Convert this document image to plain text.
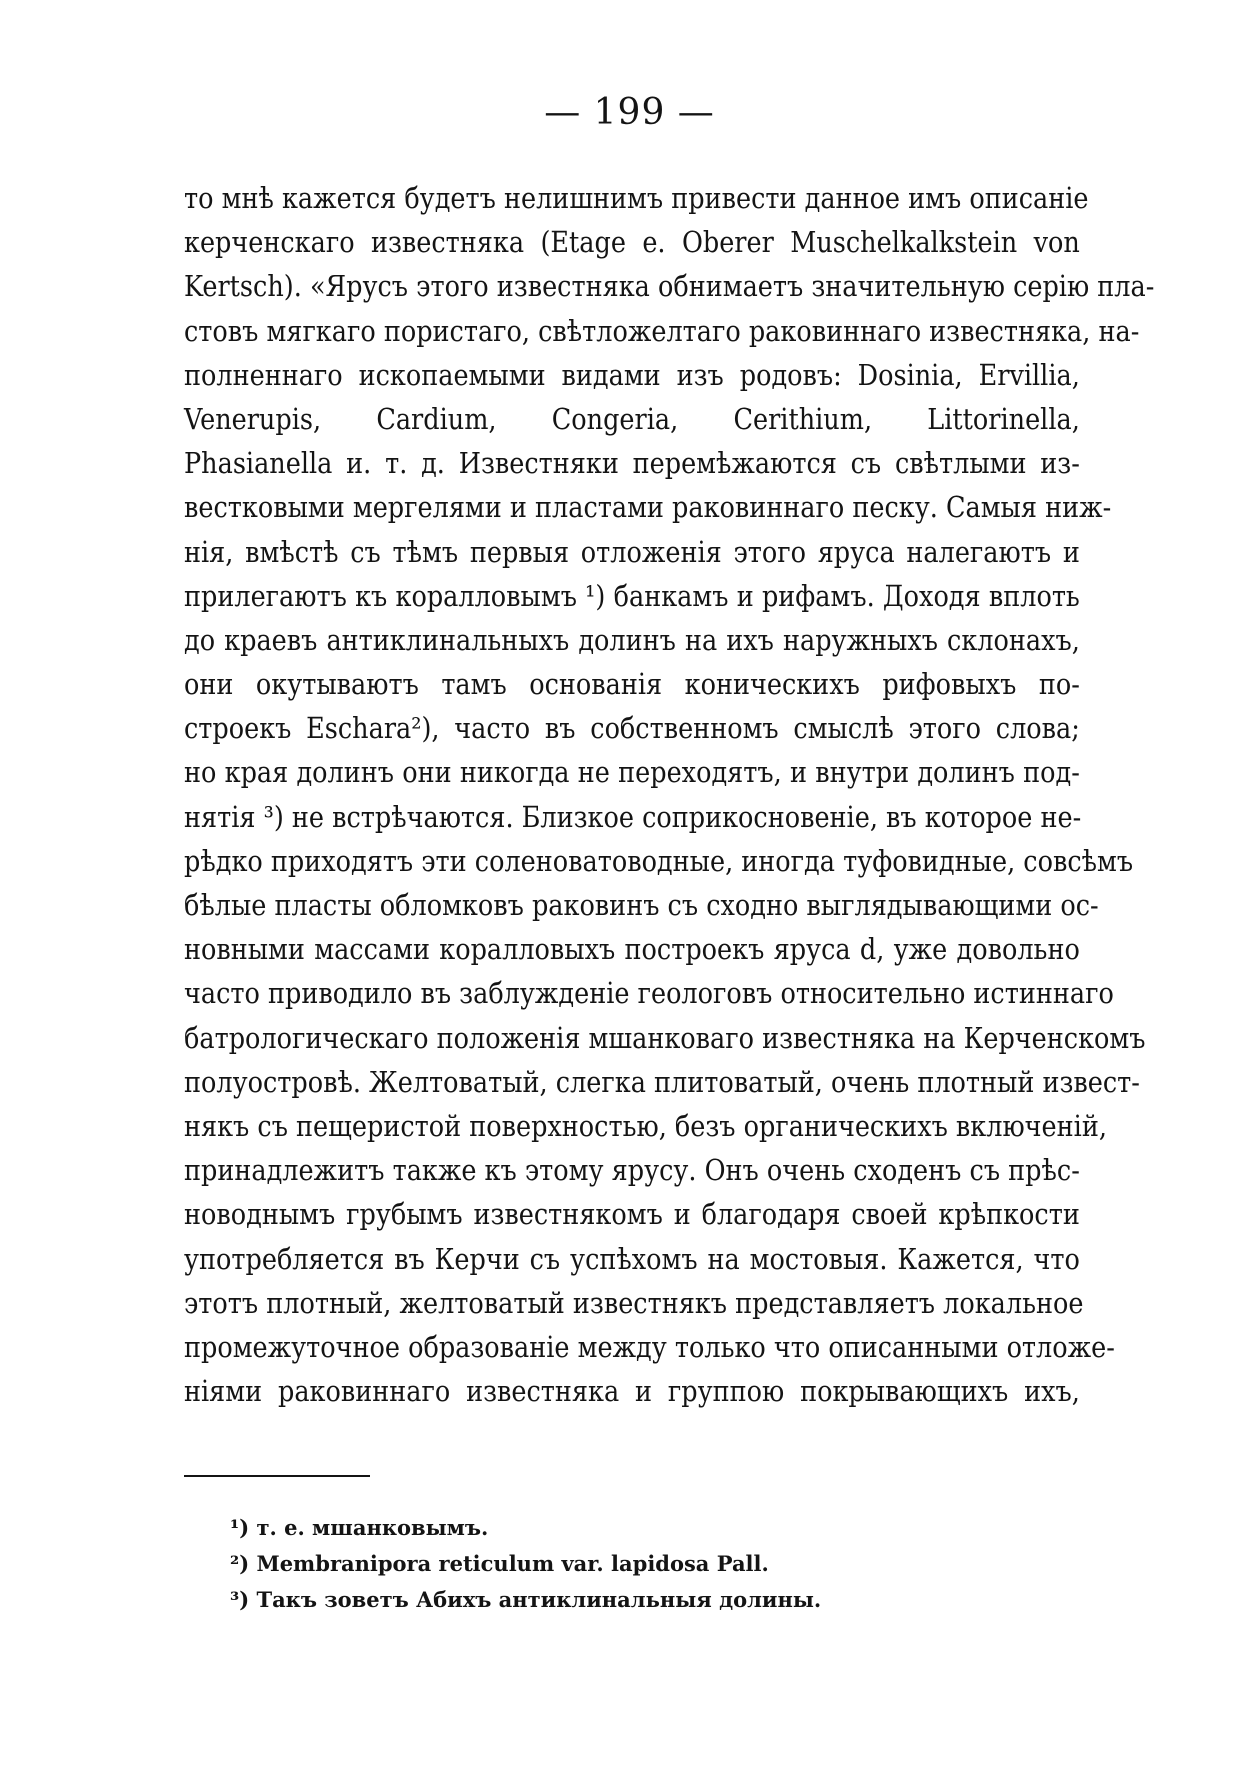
— 199 —
то мнѣ кажется будетъ нелишнимъ привести данное имъ описаніе
керченскаго известняка (Etage e. Oberer Muschelkalkstein von
Kertsch). «Ярусъ этого известняка обнимаетъ значительную серію пла-
стовъ мягкаго пористаго, свѣтложелтаго раковиннаго известняка, на-
полненнаго ископаемыми видами изъ родовъ: Dosinia, Ervillia,
Venerupis, Cardium, Congeria, Cerithium, Littorinella,
Phasianella и. т. д. Известняки перемѣжаются съ свѣтлыми из-
вестковыми мергелями и пластами раковиннаго песку. Самыя ниж-
нія, вмѣстѣ съ тѣмъ первыя отложенія этого яруса налегаютъ и
прилегаютъ къ коралловымъ ¹) банкамъ и рифамъ. Доходя вплоть
до краевъ антиклинальныхъ долинъ на ихъ наружныхъ склонахъ,
они окутываютъ тамъ основанія коническихъ рифовыхъ по-
строекъ Eschara²), часто въ собственномъ смыслѣ этого слова;
но края долинъ они никогда не переходятъ, и внутри долинъ под-
нятія ³) не встрѣчаются. Близкое соприкосновеніе, въ которое не-
рѣдко приходятъ эти соленоватоводные, иногда туфовидные, совсѣмъ
бѣлые пласты обломковъ раковинъ съ сходно выглядывающими ос-
новными массами коралловыхъ построекъ яруса d, уже довольно
часто приводило въ заблужденіе геологовъ относительно истиннаго
батрологическаго положенія мшанковаго известняка на Керченскомъ
полуостровѣ. Желтоватый, слегка плитоватый, очень плотный извест-
някъ съ пещеристой поверхностью, безъ органическихъ включеній,
принадлежитъ также къ этому ярусу. Онъ очень сходенъ съ прѣс-
новоднымъ грубымъ известнякомъ и благодаря своей крѣпкости
употребляется въ Керчи съ успѣхомъ на мостовыя. Кажется, что
этотъ плотный, желтоватый известнякъ представляетъ локальное
промежуточное образованіе между только что описанными отложе-
ніями раковиннаго известняка и группою покрывающихъ ихъ,
¹) т. е. мшанковымъ.
²) Membranipora reticulum var. lapidosa Pall.
³) Такъ зоветъ Абихъ антиклинальныя долины.
